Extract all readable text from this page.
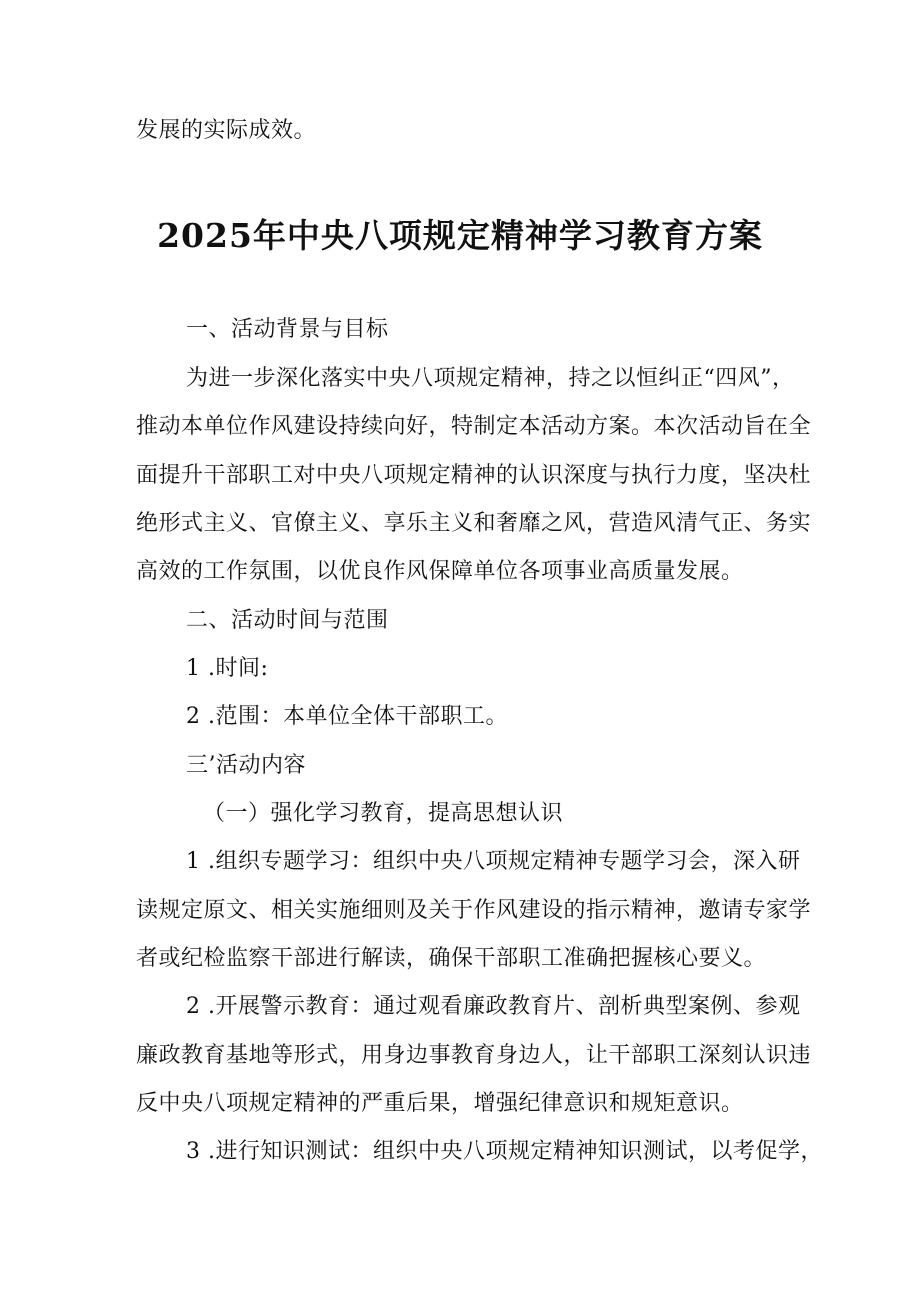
发展的实际成效。
2025年中央八项规定精神学习教育方案
一、活动背景与目标
为进一步深化落实中央八项规定精神，持之以恒纠正“四风”，
推动本单位作风建设持续向好，特制定本活动方案。本次活动旨在全
面提升干部职工对中央八项规定精神的认识深度与执行力度，坚决杜
绝形式主义、官僚主义、享乐主义和奢靡之风，营造风清气正、务实
高效的工作氛围，以优良作风保障单位各项事业高质量发展。
二、活动时间与范围
1 .时间:
2 .范围：本单位全体干部职工。
三’活动内容
（一）强化学习教育，提高思想认识
1 .组织专题学习：组织中央八项规定精神专题学习会，深入研
读规定原文、相关实施细则及关于作风建设的指示精神，邀请专家学
者或纪检监察干部进行解读，确保干部职工准确把握核心要义。
2 .开展警示教育：通过观看廉政教育片、剖析典型案例、参观
廉政教育基地等形式，用身边事教育身边人，让干部职工深刻认识违
反中央八项规定精神的严重后果，增强纪律意识和规矩意识。
3 .进行知识测试：组织中央八项规定精神知识测试，以考促学，
